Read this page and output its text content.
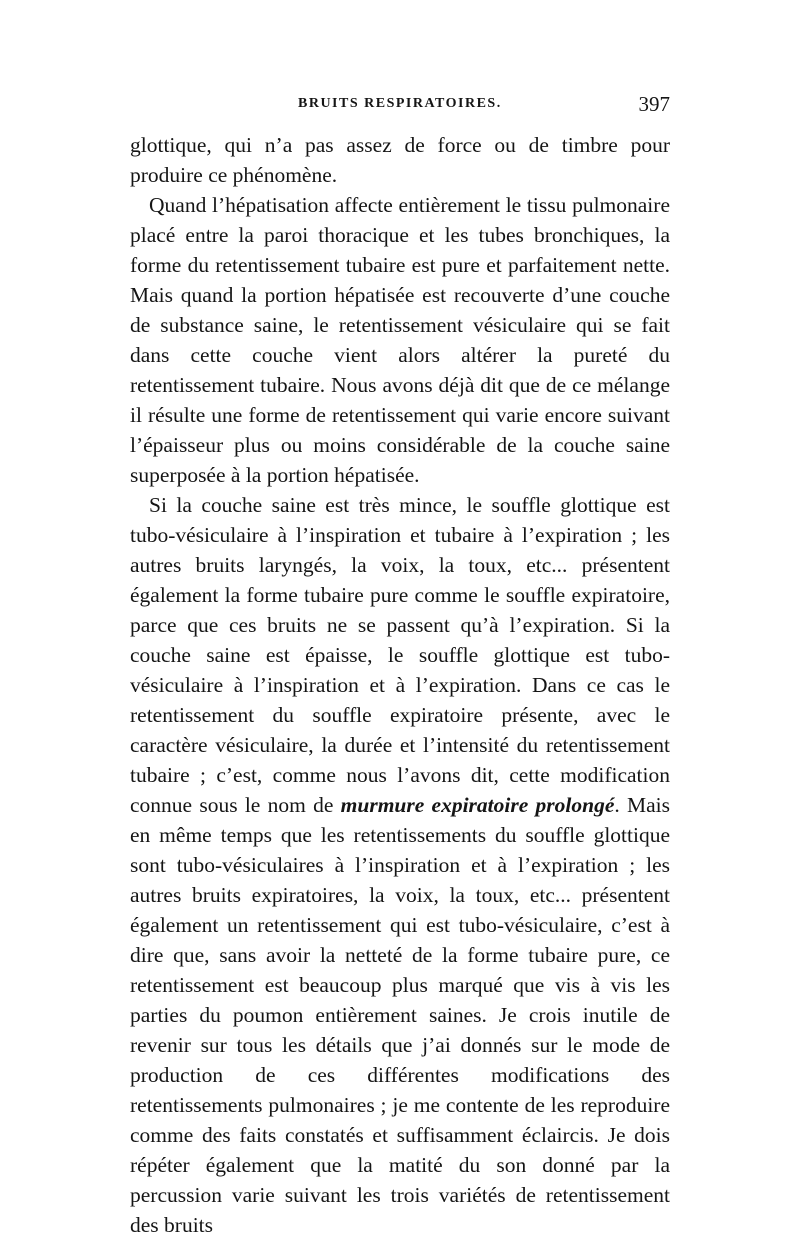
BRUITS RESPIRATOIRES.	397

glottique, qui n’a pas assez de force ou de timbre pour produire ce phénomène.

Quand l’hépatisation affecte entièrement le tissu pulmonaire placé entre la paroi thoracique et les tubes bronchiques, la forme du retentissement tubaire est pure et parfaitement nette. Mais quand la portion hépatisée est recouverte d’une couche de substance saine, le retentissement vésiculaire qui se fait dans cette couche vient alors altérer la pureté du retentissement tubaire. Nous avons déjà dit que de ce mélange il résulte une forme de retentissement qui varie encore suivant l’épaisseur plus ou moins considérable de la couche saine superposée à la portion hépatisée.

Si la couche saine est très mince, le souffle glottique est tubo-vésiculaire à l’inspiration et tubaire à l’expiration ; les autres bruits laryngés, la voix, la toux, etc... présentent également la forme tubaire pure comme le souffle expiratoire, parce que ces bruits ne se passent qu’à l’expiration. Si la couche saine est épaisse, le souffle glottique est tubo-vésiculaire à l’inspiration et à l’expiration. Dans ce cas le retentissement du souffle expiratoire présente, avec le caractère vésiculaire, la durée et l’intensité du retentissement tubaire ; c’est, comme nous l’avons dit, cette modification connue sous le nom de murmure expiratoire prolongé. Mais en même temps que les retentissements du souffle glottique sont tubo-vésiculaires à l’inspiration et à l’expiration ; les autres bruits expiratoires, la voix, la toux, etc... présentent également un retentissement qui est tubo-vésiculaire, c’est à dire que, sans avoir la netteté de la forme tubaire pure, ce retentissement est beaucoup plus marqué que vis à vis les parties du poumon entièrement saines. Je crois inutile de revenir sur tous les détails que j’ai donnés sur le mode de production de ces différentes modifications des retentissements pulmonaires ; je me contente de les reproduire comme des faits constatés et suffisamment éclaircis. Je dois répéter également que la matité du son donné par la percussion varie suivant les trois variétés de retentissement des bruits
